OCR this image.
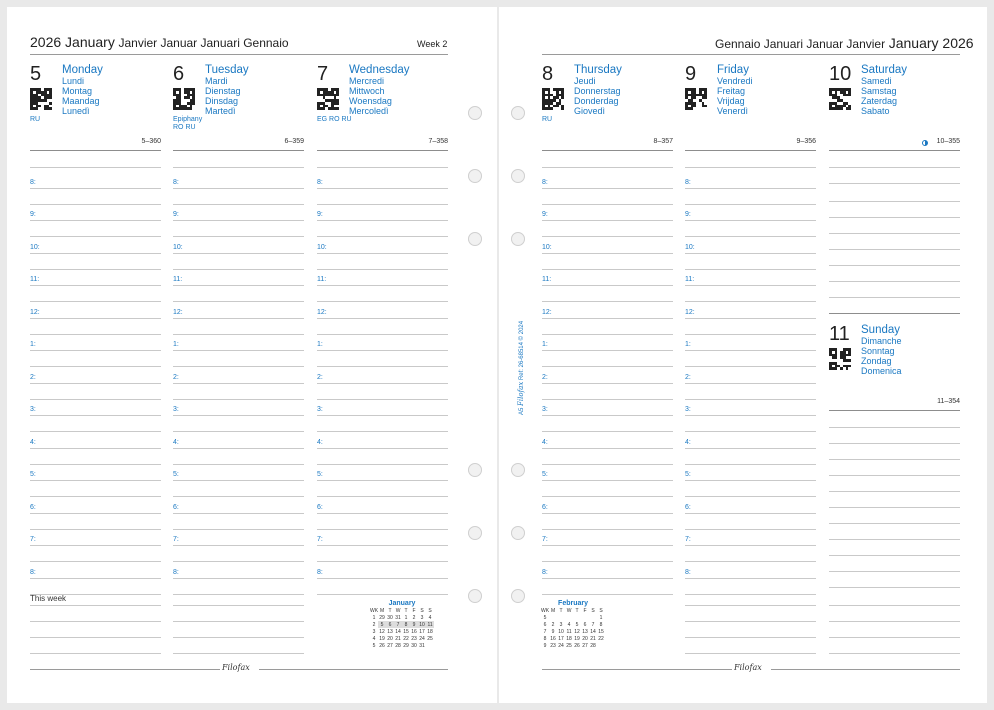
2026 January Janvier Januar Januari Gennaio	Week 2
5 Monday
Lundi
Montag
Maandag
Lunedì
RU
5–360
8:
9:
10:
11:
12:
1:
2:
3:
4:
5:
6:
7:
8:
6 Tuesday
Mardi
Dienstag
Dinsdag
Martedì
Epiphany
RO RU
6–359
8:
9:
10:
11:
12:
1:
2:
3:
4:
5:
6:
7:
8:
7 Wednesday
Mercredi
Mittwoch
Woensdag
Mercoledì
EG RO RU
7–358
8:
9:
10:
11:
12:
1:
2:
3:
4:
5:
6:
7:
8:
This week
January
WK	M	T	W	T	F	S	S
1	29	30	31	1	2	3	4
2	5	6	7	8	9	10	11
3	12	13	14	15	16	17	18
4	19	20	21	22	23	24	25
5	26	27	28	29	30	31	
Filofax
Gennaio Januari Januar Janvier January 2026
8 Thursday
Jeudi
Donnerstag
Donderdag
Giovedì
RU
8–357
8:
9:
10:
11:
12:
1:
2:
3:
4:
5:
6:
7:
8:
9 Friday
Vendredi
Freitag
Vrijdag
Venerdì
9–356
8:
9:
10:
11:
12:
1:
2:
3:
4:
5:
6:
7:
8:
10 Saturday
Samedi
Samstag
Zaterdag
Sabato
10–355
11 Sunday
Dimanche
Sonntag
Zondag
Domenica
11–354
February
WK	M	T	W	T	F	S	S
5							1
6	2	3	4	5	6	7	8
7	9	10	11	12	13	14	15
8	16	17	18	19	20	21	22
9	23	24	25	26	27	28	
Filofax
A5 Filofax Ref: 26-68514 © 2024
